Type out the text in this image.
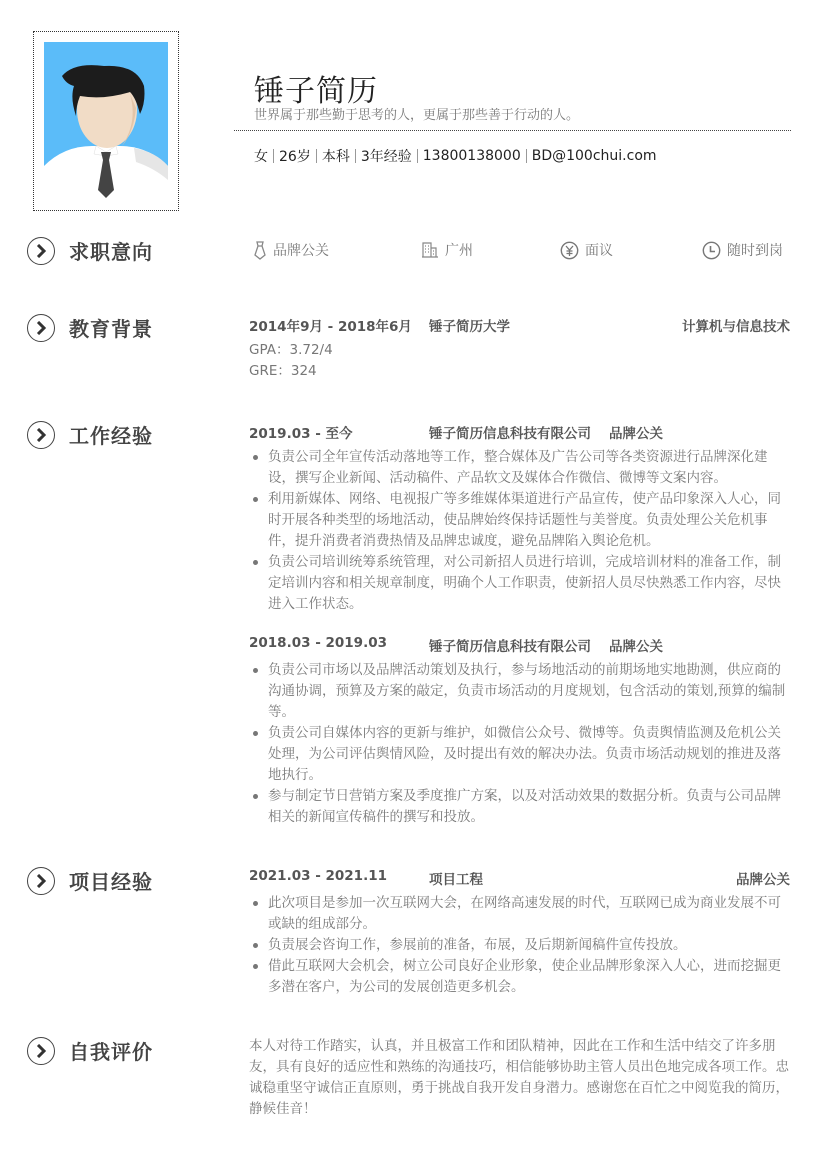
锤子简历
世界属于那些勤于思考的人，更属于那些善于行动的人。
女 26岁 本科 3年经验 13800138000 BD@100chui.com
求职意向	品牌公关	广州	面议	随时到岗
教育背景	2014年9月 - 2018年6月 锤子简历大学	计算机与信息技术
GPA：3.72/4
GRE：324
工作经验	2019.03 - 至今	锤子简历信息科技有限公司 品牌公关
负责公司全年宣传活动落地等工作，整合媒体及广告公司等各类资源进行品牌深化建设，撰写企业新闻、活动稿件、产品软文及媒体合作微信、微博等文案内容。
利用新媒体、网络、电视报广等多维媒体渠道进行产品宣传，使产品印象深入人心，同时开展各种类型的场地活动，使品牌始终保持话题性与美誉度。负责处理公关危机事件，提升消费者消费热情及品牌忠诚度，避免品牌陷入舆论危机。
负责公司培训统筹系统管理，对公司新招人员进行培训，完成培训材料的准备工作，制定培训内容和相关规章制度，明确个人工作职责，使新招人员尽快熟悉工作内容，尽快进入工作状态。
2018.03 - 2019.03	锤子简历信息科技有限公司 品牌公关
负责公司市场以及品牌活动策划及执行，参与场地活动的前期场地实地勘测，供应商的沟通协调，预算及方案的敲定，负责市场活动的月度规划，包含活动的策划,预算的编制等。
负责公司自媒体内容的更新与维护，如微信公众号、微博等。负责舆情监测及危机公关处理，为公司评估舆情风险，及时提出有效的解决办法。负责市场活动规划的推进及落地执行。
参与制定节日营销方案及季度推广方案，以及对活动效果的数据分析。负责与公司品牌相关的新闻宣传稿件的撰写和投放。
项目经验	2021.03 - 2021.11	项目工程	品牌公关
此次项目是参加一次互联网大会，在网络高速发展的时代，互联网已成为商业发展不可或缺的组成部分。
负责展会咨询工作，参展前的准备，布展，及后期新闻稿件宣传投放。
借此互联网大会机会，树立公司良好企业形象，使企业品牌形象深入人心，进而挖掘更多潜在客户，为公司的发展创造更多机会。
自我评价	本人对待工作踏实，认真，并且极富工作和团队精神，因此在工作和生活中结交了许多朋友，具有良好的适应性和熟练的沟通技巧，相信能够协助主管人员出色地完成各项工作。忠诚稳重坚守诚信正直原则，勇于挑战自我开发自身潜力。感谢您在百忙之中阅览我的简历，静候佳音！
